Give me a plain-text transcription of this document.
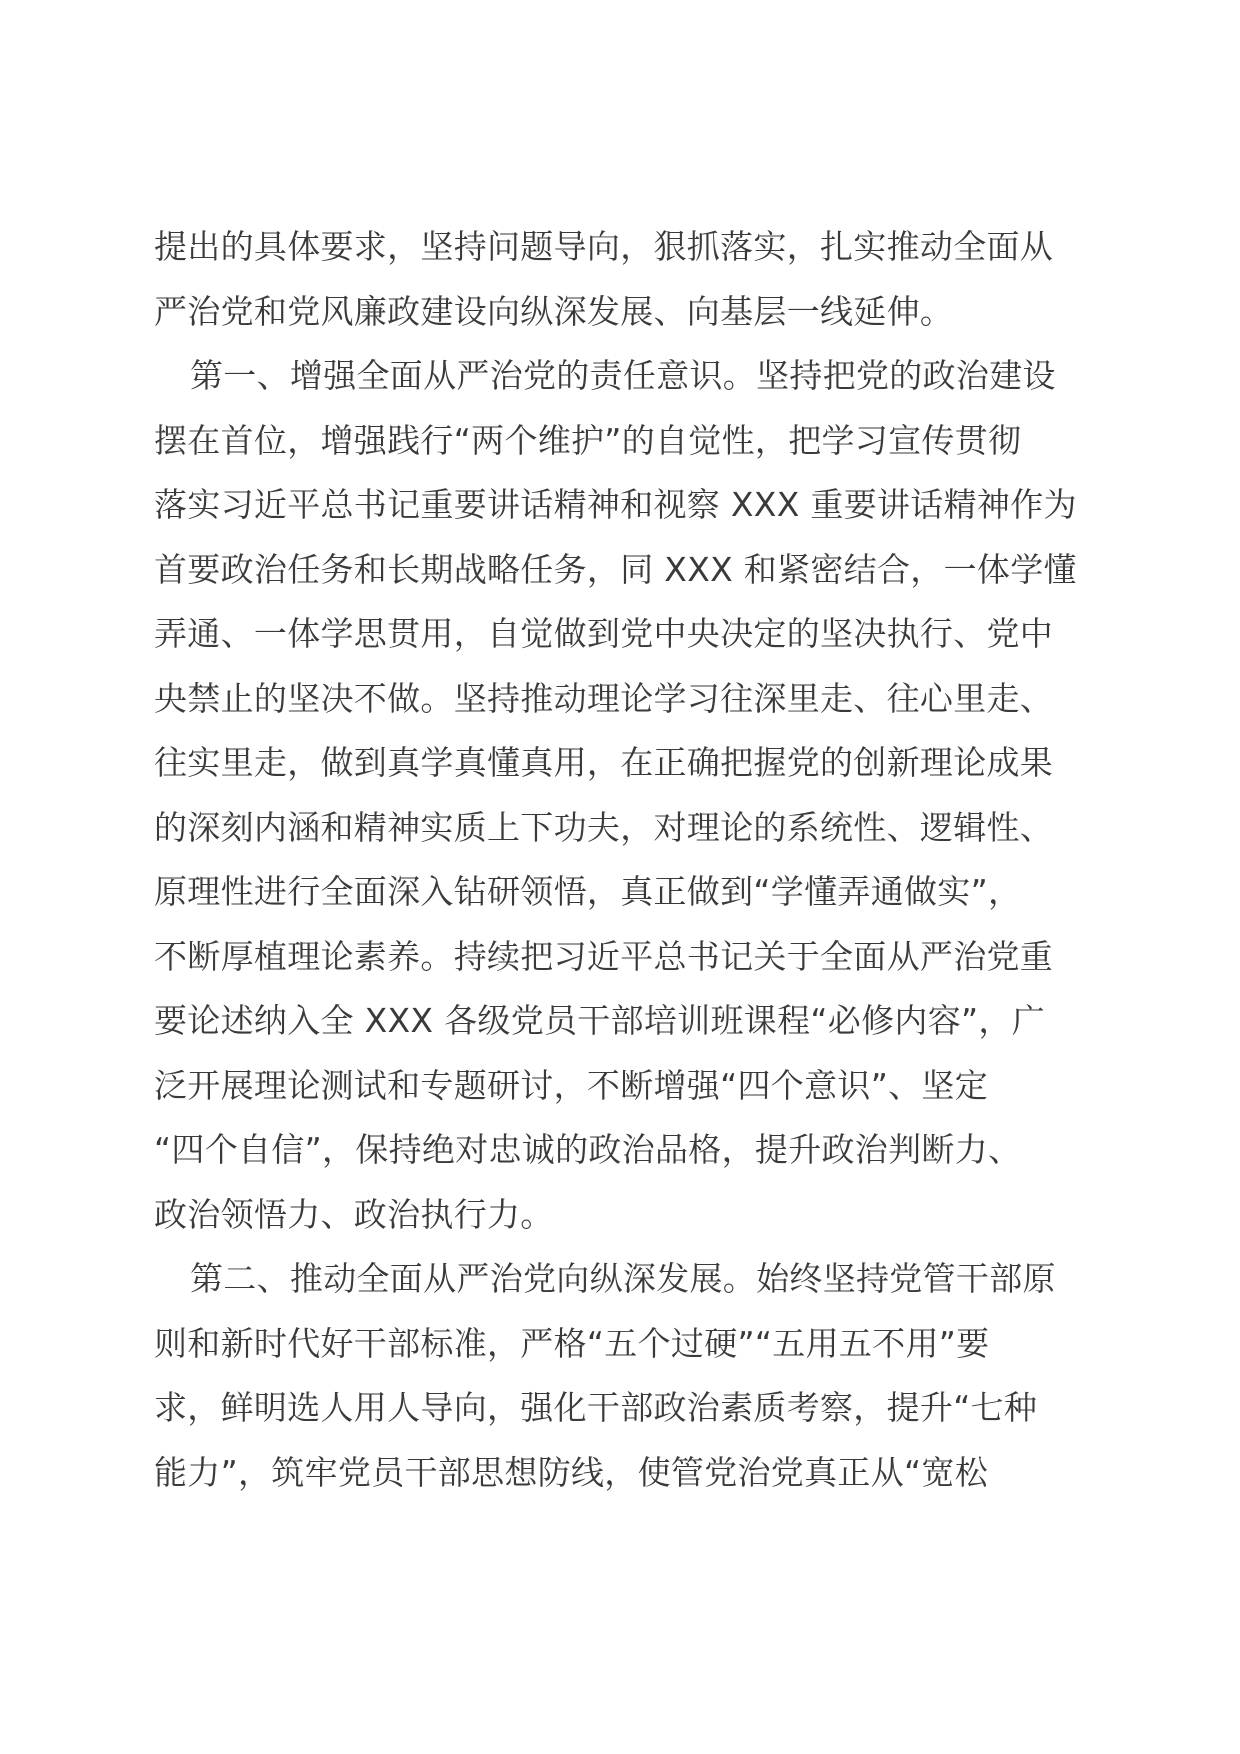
提出的具体要求，坚持问题导向，狠抓落实，扎实推动全面从
严治党和党风廉政建设向纵深发展、向基层一线延伸。
第一、增强全面从严治党的责任意识。坚持把党的政治建设
摆在首位，增强践行“两个维护”的自觉性，把学习宣传贯彻
落实习近平总书记重要讲话精神和视察 XXX 重要讲话精神作为
首要政治任务和长期战略任务，同 XXX 和紧密结合，一体学懂
弄通、一体学思贯用，自觉做到党中央决定的坚决执行、党中
央禁止的坚决不做。坚持推动理论学习往深里走、往心里走、
往实里走，做到真学真懂真用，在正确把握党的创新理论成果
的深刻内涵和精神实质上下功夫，对理论的系统性、逻辑性、
原理性进行全面深入钻研领悟，真正做到“学懂弄通做实”，
不断厚植理论素养。持续把习近平总书记关于全面从严治党重
要论述纳入全 XXX 各级党员干部培训班课程“必修内容”，广
泛开展理论测试和专题研讨，不断增强“四个意识”、坚定
“四个自信”，保持绝对忠诚的政治品格，提升政治判断力、
政治领悟力、政治执行力。
第二、推动全面从严治党向纵深发展。始终坚持党管干部原
则和新时代好干部标准，严格“五个过硬”“五用五不用”要
求，鲜明选人用人导向，强化干部政治素质考察，提升“七种
能力”，筑牢党员干部思想防线，使管党治党真正从“宽松
